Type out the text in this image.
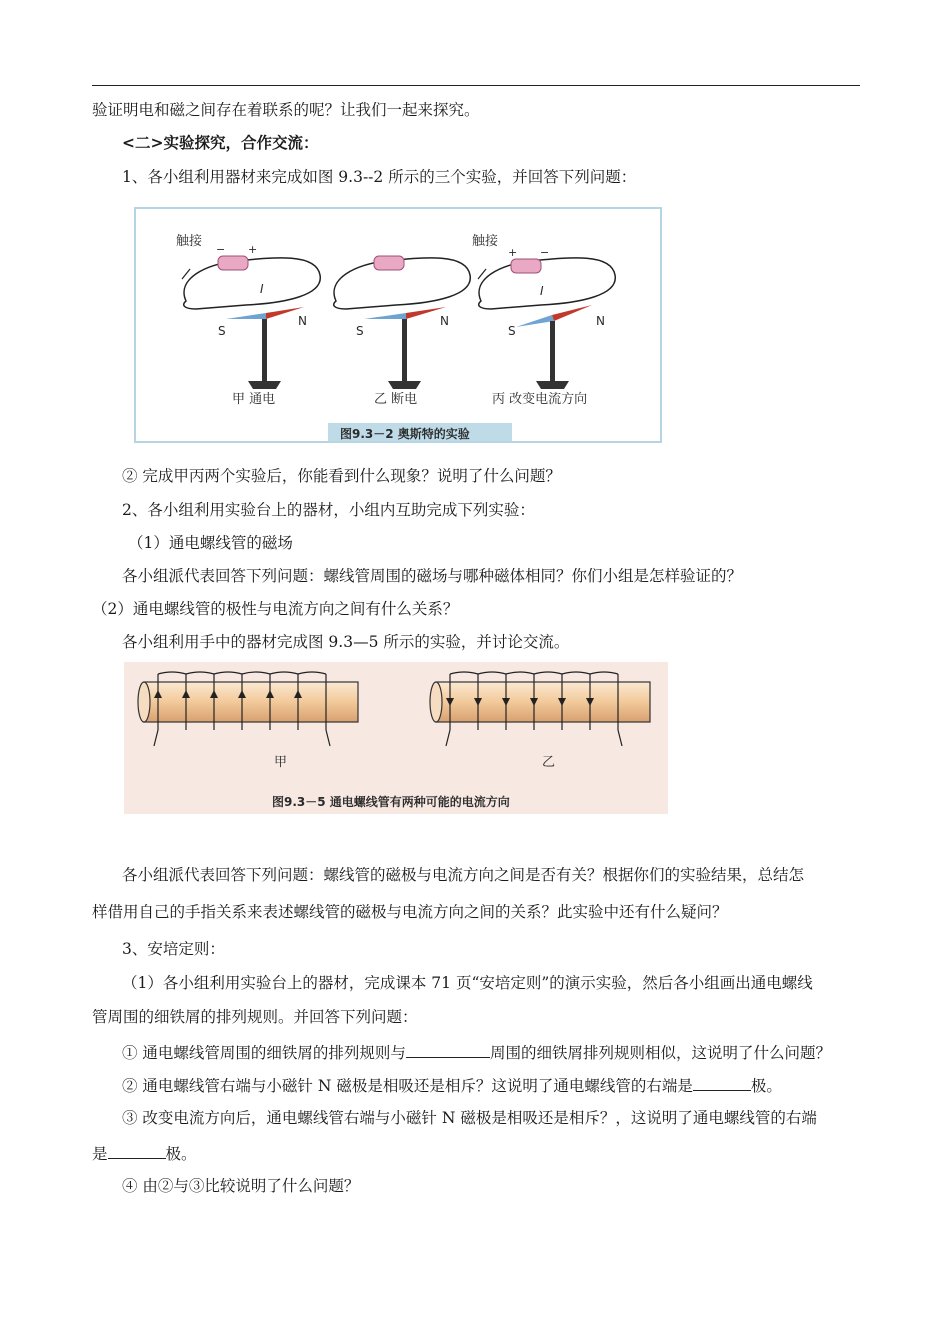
验证明电和磁之间存在着联系的呢？让我们一起来探究。
<二>实验探究，合作交流：
1、各小组利用器材来完成如图 9.3--2 所示的三个实验，并回答下列问题：
触接
− +
I
S
N
甲 通电
S
N
乙 断电
触接
+ −
I
S
N
丙 改变电流方向
图9.3－2 奥斯特的实验
② 完成甲丙两个实验后，你能看到什么现象？说明了什么问题？
2、各小组利用实验台上的器材，小组内互助完成下列实验：
（1）通电螺线管的磁场
各小组派代表回答下列问题：螺线管周围的磁场与哪种磁体相同？你们小组是怎样验证的？
（2）通电螺线管的极性与电流方向之间有什么关系？
各小组利用手中的器材完成图 9.3—5 所示的实验，并讨论交流。
甲	乙
图9.3－5 通电螺线管有两种可能的电流方向
各小组派代表回答下列问题：螺线管的磁极与电流方向之间是否有关？根据你们的实验结果，总结怎
样借用自己的手指关系来表述螺线管的磁极与电流方向之间的关系？此实验中还有什么疑问？
3、安培定则：
（1）各小组利用实验台上的器材，完成课本 71 页“安培定则”的演示实验，然后各小组画出通电螺线
管周围的细铁屑的排列规则。并回答下列问题：
① 通电螺线管周围的细铁屑的排列规则与	周围的细铁屑排列规则相似，这说明了什么问题？
② 通电螺线管右端与小磁针 N 磁极是相吸还是相斥？这说明了通电螺线管的右端是	极。
③ 改变电流方向后，通电螺线管右端与小磁针 N 磁极是相吸还是相斥？，这说明了通电螺线管的右端
是	极。
④ 由②与③比较说明了什么问题？
